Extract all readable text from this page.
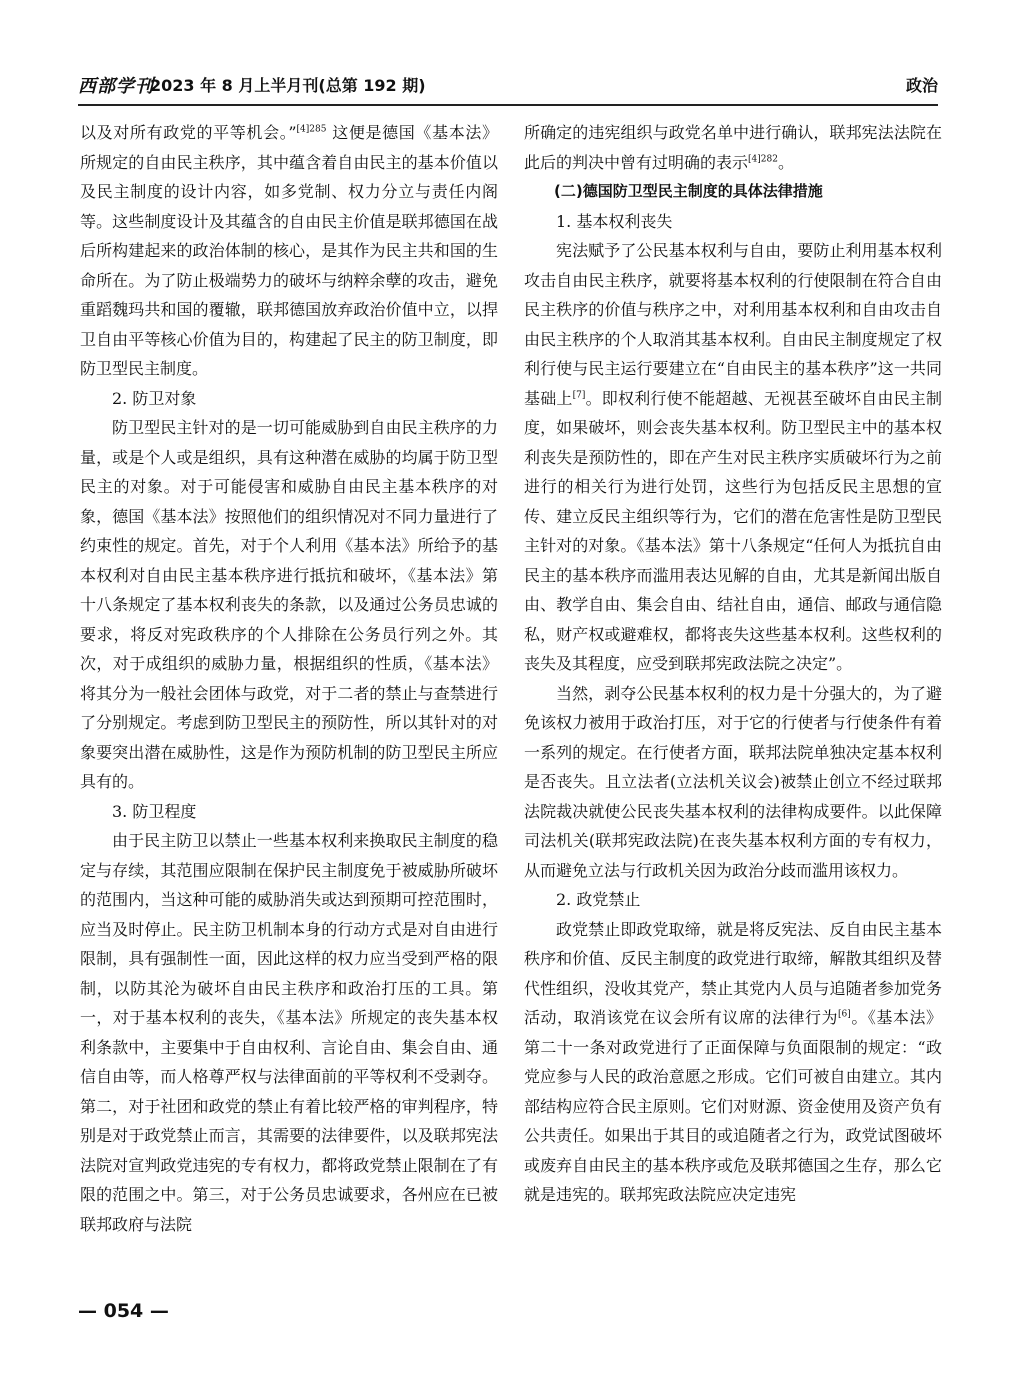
西部学刊
2023 年 8 月上半月刊(总第 192 期)	政治

以及对所有政党的平等机会。”$^{[4]285}$ 这便是德国《基本法》所规定的自由民主秩序，其中蕴含着自由民主的基本价值以及民主制度的设计内容，如多党制、权力分立与责任内阁等。这些制度设计及其蕴含的自由民主价值是联邦德国在战后所构建起来的政治体制的核心，是其作为民主共和国的生命所在。为了防止极端势力的破坏与纳粹余孽的攻击，避免重蹈魏玛共和国的覆辙，联邦德国放弃政治价值中立，以捍卫自由平等核心价值为目的，构建起了民主的防卫制度，即防卫型民主制度。

2. 防卫对象

防卫型民主针对的是一切可能威胁到自由民主秩序的力量，或是个人或是组织，具有这种潜在威胁的均属于防卫型民主的对象。对于可能侵害和威胁自由民主基本秩序的对象，德国《基本法》按照他们的组织情况对不同力量进行了约束性的规定。首先，对于个人利用《基本法》所给予的基本权利对自由民主基本秩序进行抵抗和破坏，《基本法》第十八条规定了基本权利丧失的条款，以及通过公务员忠诚的要求，将反对宪政秩序的个人排除在公务员行列之外。其次，对于成组织的威胁力量，根据组织的性质，《基本法》将其分为一般社会团体与政党，对于二者的禁止与查禁进行了分别规定。考虑到防卫型民主的预防性，所以其针对的对象要突出潜在威胁性，这是作为预防机制的防卫型民主所应具有的。

3. 防卫程度

由于民主防卫以禁止一些基本权利来换取民主制度的稳定与存续，其范围应限制在保护民主制度免于被威胁所破坏的范围内，当这种可能的威胁消失或达到预期可控范围时，应当及时停止。民主防卫机制本身的行动方式是对自由进行限制，具有强制性一面，因此这样的权力应当受到严格的限制，以防其沦为破坏自由民主秩序和政治打压的工具。第一，对于基本权利的丧失，《基本法》所规定的丧失基本权利条款中，主要集中于自由权利、言论自由、集会自由、通信自由等，而人格尊严权与法律面前的平等权利不受剥夺。第二，对于社团和政党的禁止有着比较严格的审判程序，特别是对于政党禁止而言，其需要的法律要件，以及联邦宪法法院对宣判政党违宪的专有权力，都将政党禁止限制在了有限的范围之中。第三，对于公务员忠诚要求，各州应在已被联邦政府与法院

所确定的违宪组织与政党名单中进行确认，联邦宪法法院在此后的判决中曾有过明确的表示$^{[4]282}$。

(二)德国防卫型民主制度的具体法律措施
1. 基本权利丧失

宪法赋予了公民基本权利与自由，要防止利用基本权利攻击自由民主秩序，就要将基本权利的行使限制在符合自由民主秩序的价值与秩序之中，对利用基本权利和自由攻击自由民主秩序的个人取消其基本权利。自由民主制度规定了权利行使与民主运行要建立在“自由民主的基本秩序”这一共同基础上[7]。即权利行使不能超越、无视甚至破坏自由民主制度，如果破坏，则会丧失基本权利。防卫型民主中的基本权利丧失是预防性的，即在产生对民主秩序实质破坏行为之前进行的相关行为进行处罚，这些行为包括反民主思想的宣传、建立反民主组织等行为，它们的潜在危害性是防卫型民主针对的对象。《基本法》第十八条规定“任何人为抵抗自由民主的基本秩序而滥用表达见解的自由，尤其是新闻出版自由、教学自由、集会自由、结社自由，通信、邮政与通信隐私，财产权或避难权，都将丧失这些基本权利。这些权利的丧失及其程度，应受到联邦宪政法院之决定”。

当然，剥夺公民基本权利的权力是十分强大的，为了避免该权力被用于政治打压，对于它的行使者与行使条件有着一系列的规定。在行使者方面，联邦法院单独决定基本权利是否丧失。且立法者(立法机关议会)被禁止创立不经过联邦法院裁决就使公民丧失基本权利的法律构成要件。以此保障司法机关(联邦宪政法院)在丧失基本权利方面的专有权力，从而避免立法与行政机关因为政治分歧而滥用该权力。

2. 政党禁止

政党禁止即政党取缔，就是将反宪法、反自由民主基本秩序和价值、反民主制度的政党进行取缔，解散其组织及替代性组织，没收其党产，禁止其党内人员与追随者参加党务活动，取消该党在议会所有议席的法律行为[6]。《基本法》第二十一条对政党进行了正面保障与负面限制的规定：“政党应参与人民的政治意愿之形成。它们可被自由建立。其内部结构应符合民主原则。它们对财源、资金使用及资产负有公共责任。如果出于其目的或追随者之行为，政党试图破坏或废弃自由民主的基本秩序或危及联邦德国之生存，那么它就是违宪的。联邦宪政法院应决定违宪

— 054 —
